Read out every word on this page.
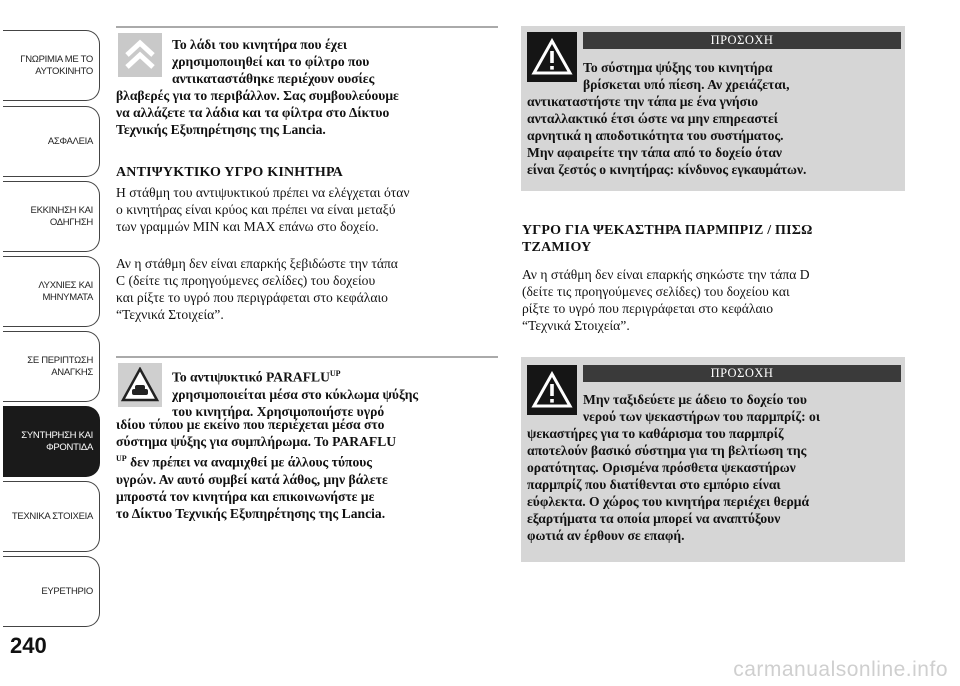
ΓΝΩΡΙΜΙΑ ΜΕ ΤΟ
ΑΥΤΟΚΙΝΗΤΟ
ΑΣΦΑΛΕΙΑ
ΕΚΚΙΝΗΣΗ ΚΑΙ
ΟΔΗΓΗΣΗ
ΛΥΧΝΙΕΣ ΚΑΙ
ΜΗΝΥΜΑΤΑ
ΣΕ ΠΕΡΙΠΤΩΣΗ
ΑΝΑΓΚΗΣ
ΣΥΝΤΗΡΗΣΗ ΚΑΙ
ΦΡΟΝΤΙΔΑ
ΤΕΧΝΙΚΑ ΣΤΟΙΧΕΙΑ
ΕΥΡΕΤΗΡΙΟ
240
Το λάδι του κινητήρα που έχει
χρησιμοποιηθεί και το φίλτρο που
αντικαταστάθηκε περιέχουν ουσίες
βλαβερές για το περιβάλλον. Σας συμβουλεύουμε
να αλλάζετε τα λάδια και τα φίλτρα στο Δίκτυο
Τεχνικής Εξυπηρέτησης της Lancia.
ΑΝΤΙΨΥΚΤΙΚΟ ΥΓΡΟ ΚΙΝΗΤΗΡΑ
Η στάθμη του αντιψυκτικού πρέπει να ελέγχεται όταν
ο κινητήρας είναι κρύος και πρέπει να είναι μεταξύ
των γραμμών MIN και MAX επάνω στο δοχείο.
Αν η στάθμη δεν είναι επαρκής ξεβιδώστε την τάπα
C (δείτε τις προηγούμενες σελίδες) του δοχείου
και ρίξτε το υγρό που περιγράφεται στο κεφάλαιο
“Τεχνικά Στοιχεία”.
Το αντιψυκτικό $PARAFLU^{UP}$
χρησιμοποιείται μέσα στο κύκλωμα ψύξης
του κινητήρα. Χρησιμοποιήστε υγρό
ιδίου τύπου με εκείνο που περιέχεται μέσα στο
σύστημα ψύξης για συμπλήρωμα. Το PARAFLU
$^{UP}$ δεν πρέπει να αναμιχθεί με άλλους τύπους
υγρών. Αν αυτό συμβεί κατά λάθος, μην βάλετε
μπροστά τον κινητήρα και επικοινωνήστε με
το Δίκτυο Τεχνικής Εξυπηρέτησης της Lancia.
ΠΡΟΣΟΧΗ
Το σύστημα ψύξης του κινητήρα
βρίσκεται υπό πίεση. Αν χρειάζεται,
αντικαταστήστε την τάπα με ένα γνήσιο
ανταλλακτικό έτσι ώστε να μην επηρεαστεί
αρνητικά η αποδοτικότητα του συστήματος.
Μην αφαιρείτε την τάπα από το δοχείο όταν
είναι ζεστός ο κινητήρας: κίνδυνος εγκαυμάτων.
ΥΓΡΟ ΓΙΑ ΨΕΚΑΣΤΗΡΑ ΠΑΡΜΠΡΙΖ / ΠΙΣΩ
ΤΖΑΜΙΟΥ
Αν η στάθμη δεν είναι επαρκής σηκώστε την τάπα D
(δείτε τις προηγούμενες σελίδες) του δοχείου και
ρίξτε το υγρό που περιγράφεται στο κεφάλαιο
“Τεχνικά Στοιχεία”.
ΠΡΟΣΟΧΗ
Μην ταξιδεύετε με άδειο το δοχείο του
νερού των ψεκαστήρων του παρμπρίζ: οι
ψεκαστήρες για το καθάρισμα του παρμπρίζ
αποτελούν βασικό σύστημα για τη βελτίωση της
ορατότητας. Ορισμένα πρόσθετα ψεκαστήρων
παρμπρίζ που διατίθενται στο εμπόριο είναι
εύφλεκτα. Ο χώρος του κινητήρα περιέχει θερμά
εξαρτήματα τα οποία μπορεί να αναπτύξουν
φωτιά αν έρθουν σε επαφή.
carmanualsonline.info
